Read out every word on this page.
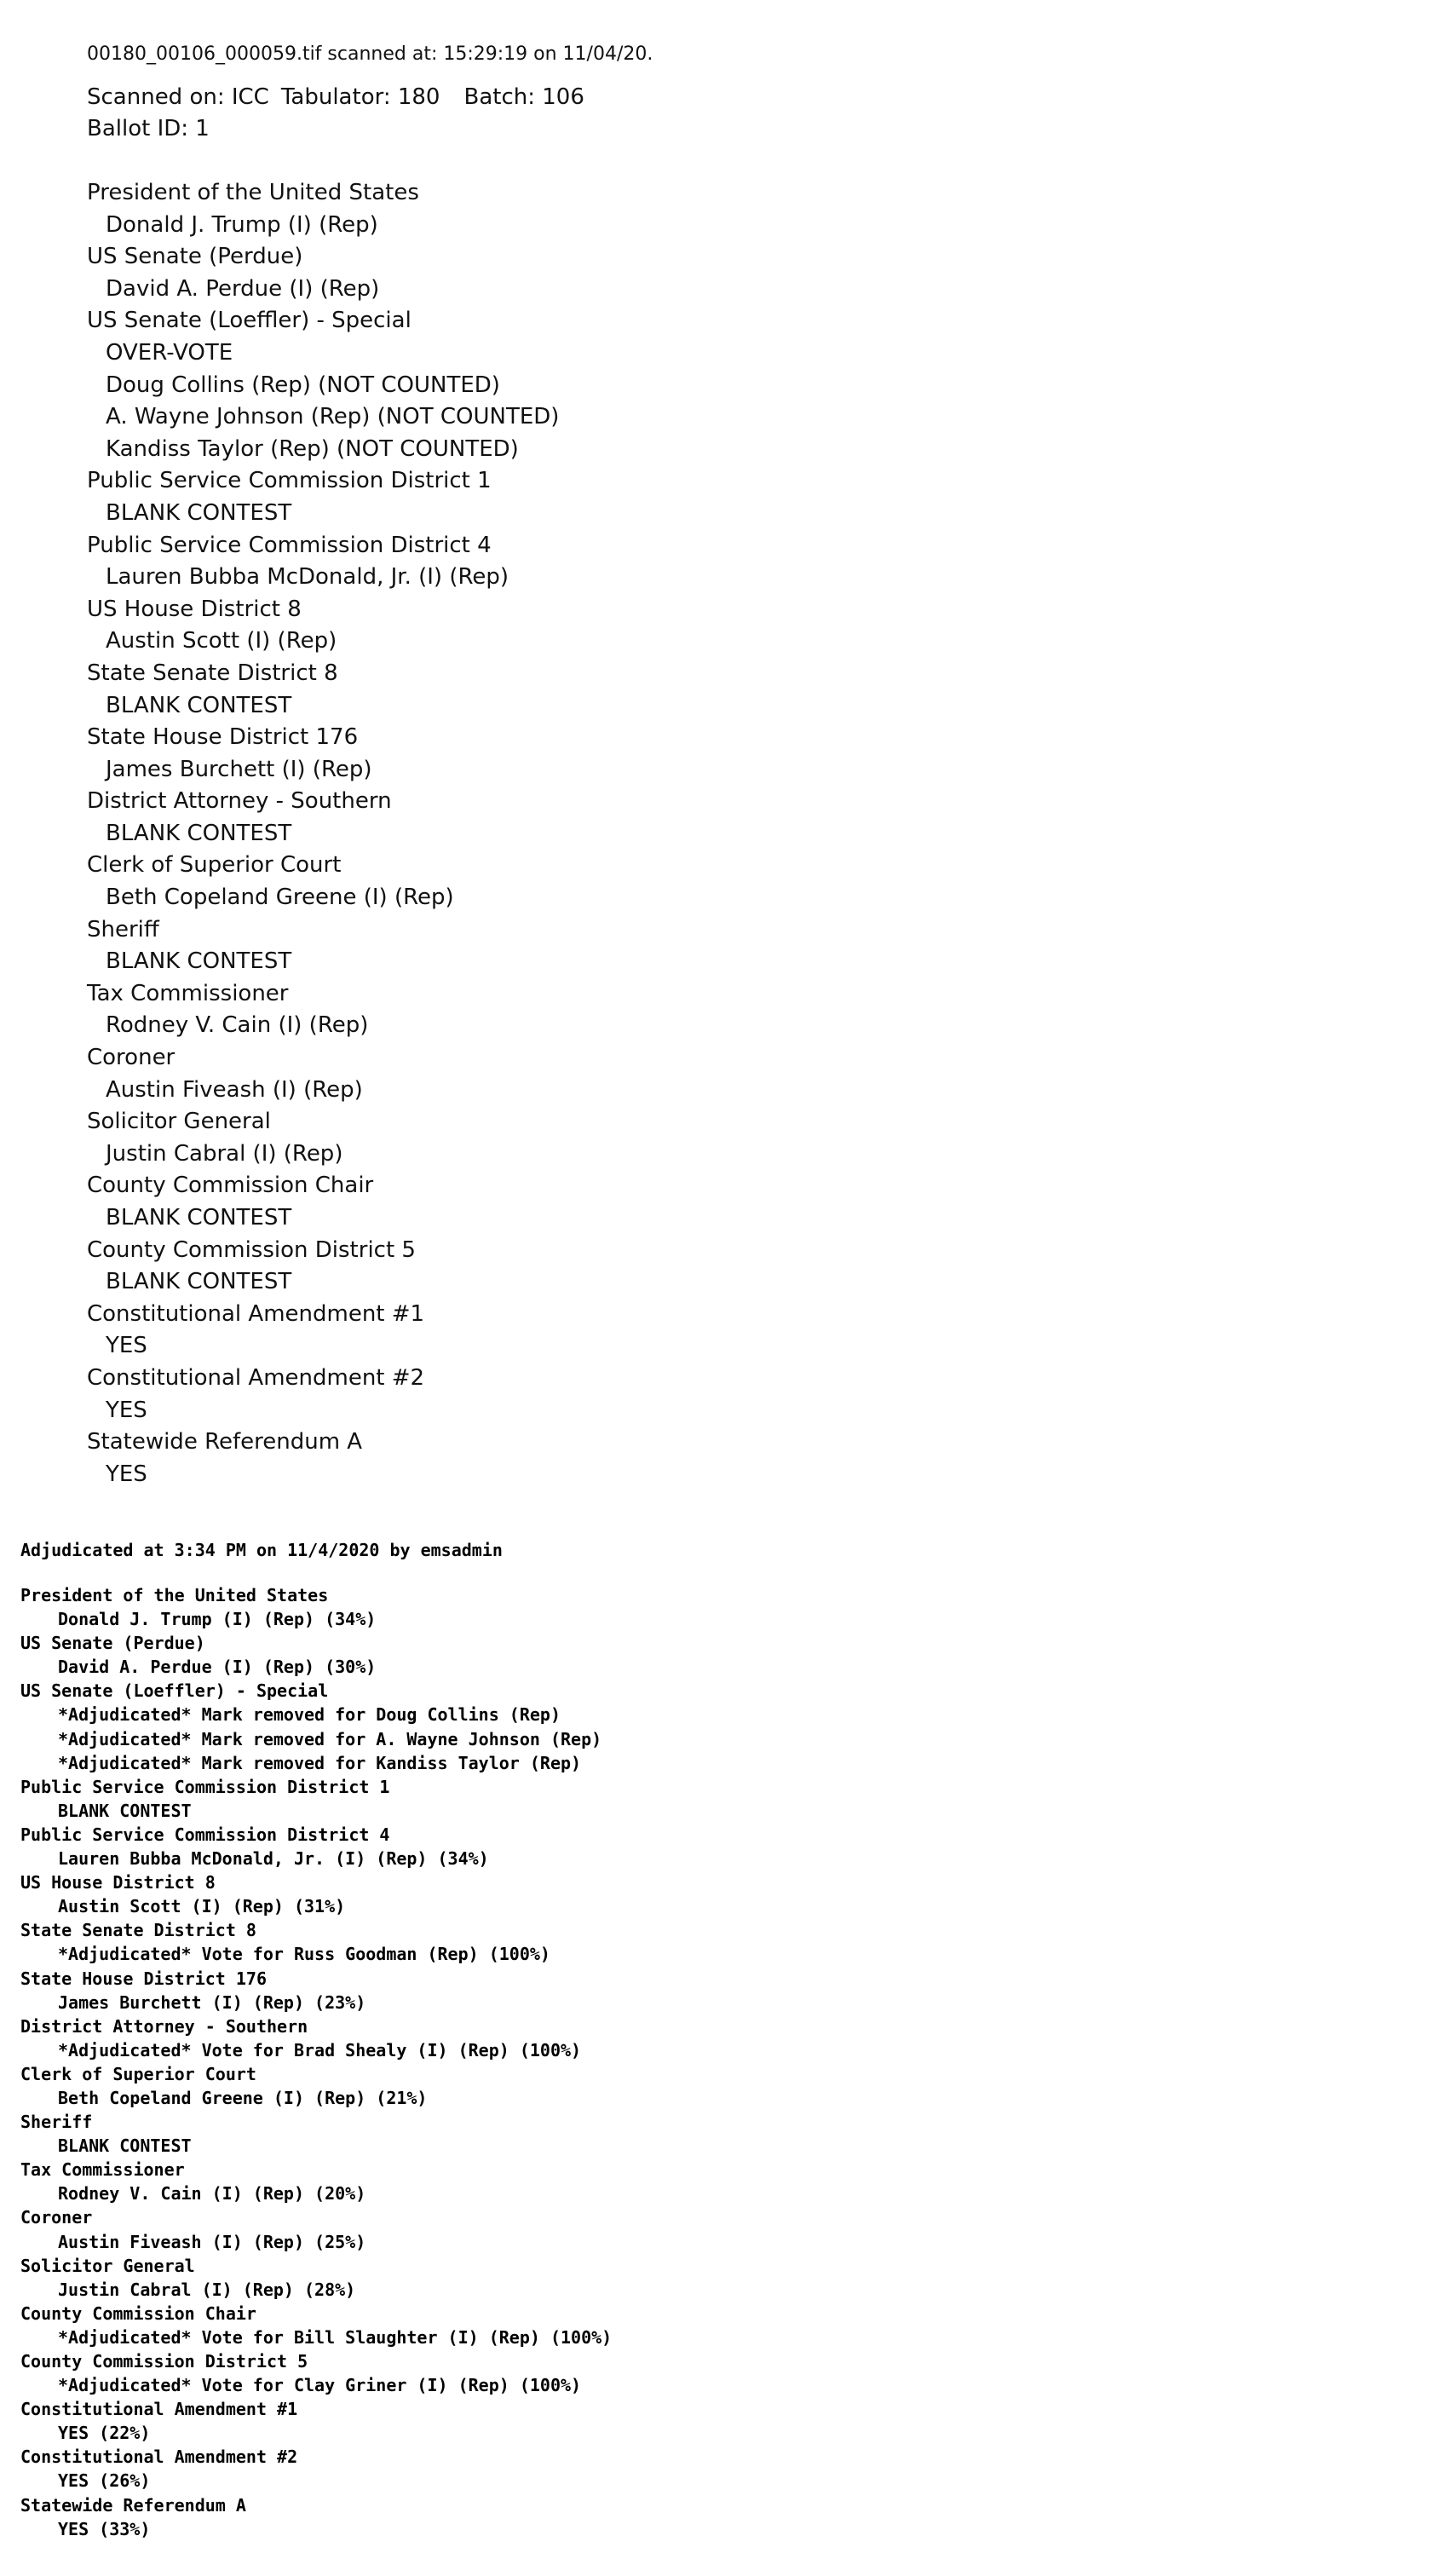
00180_00106_000059.tif scanned at: 15:29:19 on 11/04/20.
Scanned on: ICC Tabulator: 180 Batch: 106
Ballot ID: 1
President of the United States
Donald J. Trump (I) (Rep)
US Senate (Perdue)
David A. Perdue (I) (Rep)
US Senate (Loeffler) - Special
OVER-VOTE
Doug Collins (Rep) (NOT COUNTED)
A. Wayne Johnson (Rep) (NOT COUNTED)
Kandiss Taylor (Rep) (NOT COUNTED)
Public Service Commission District 1
BLANK CONTEST
Public Service Commission District 4
Lauren Bubba McDonald, Jr. (I) (Rep)
US House District 8
Austin Scott (I) (Rep)
State Senate District 8
BLANK CONTEST
State House District 176
James Burchett (I) (Rep)
District Attorney - Southern
BLANK CONTEST
Clerk of Superior Court
Beth Copeland Greene (I) (Rep)
Sheriff
BLANK CONTEST
Tax Commissioner
Rodney V. Cain (I) (Rep)
Coroner
Austin Fiveash (I) (Rep)
Solicitor General
Justin Cabral (I) (Rep)
County Commission Chair
BLANK CONTEST
County Commission District 5
BLANK CONTEST
Constitutional Amendment #1
YES
Constitutional Amendment #2
YES
Statewide Referendum A
YES
Adjudicated at 3:34 PM on 11/4/2020 by emsadmin
President of the United States
Donald J. Trump (I) (Rep) (34%)
US Senate (Perdue)
David A. Perdue (I) (Rep) (30%)
US Senate (Loeffler) - Special
*Adjudicated* Mark removed for Doug Collins (Rep)
*Adjudicated* Mark removed for A. Wayne Johnson (Rep)
*Adjudicated* Mark removed for Kandiss Taylor (Rep)
Public Service Commission District 1
BLANK CONTEST
Public Service Commission District 4
Lauren Bubba McDonald, Jr. (I) (Rep) (34%)
US House District 8
Austin Scott (I) (Rep) (31%)
State Senate District 8
*Adjudicated* Vote for Russ Goodman (Rep) (100%)
State House District 176
James Burchett (I) (Rep) (23%)
District Attorney - Southern
*Adjudicated* Vote for Brad Shealy (I) (Rep) (100%)
Clerk of Superior Court
Beth Copeland Greene (I) (Rep) (21%)
Sheriff
BLANK CONTEST
Tax Commissioner
Rodney V. Cain (I) (Rep) (20%)
Coroner
Austin Fiveash (I) (Rep) (25%)
Solicitor General
Justin Cabral (I) (Rep) (28%)
County Commission Chair
*Adjudicated* Vote for Bill Slaughter (I) (Rep) (100%)
County Commission District 5
*Adjudicated* Vote for Clay Griner (I) (Rep) (100%)
Constitutional Amendment #1
YES (22%)
Constitutional Amendment #2
YES (26%)
Statewide Referendum A
YES (33%)
